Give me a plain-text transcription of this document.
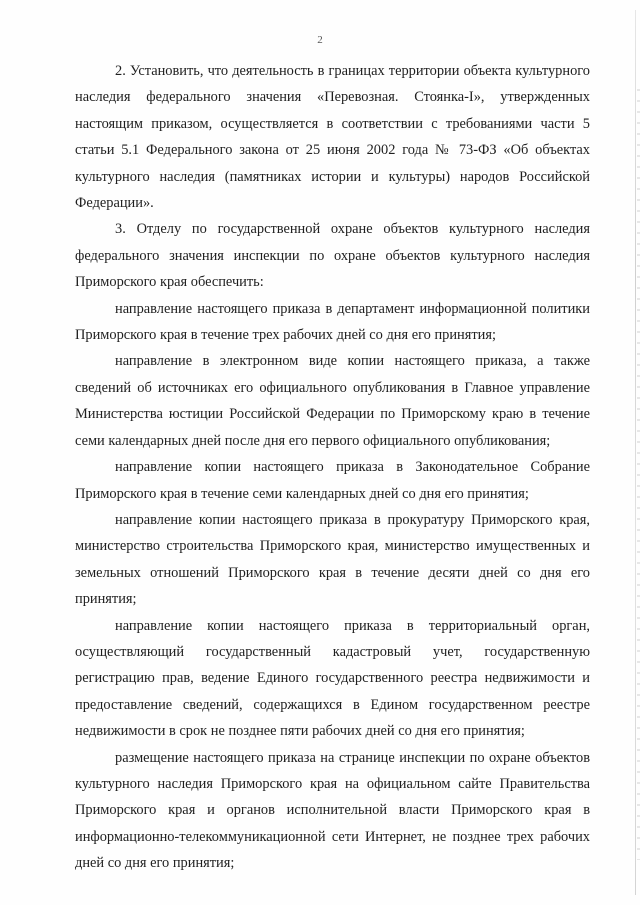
2

2. Установить, что деятельность в границах территории объекта культурного наследия федерального значения «Перевозная. Стоянка-I», утвержденных настоящим приказом, осуществляется в соответствии с требованиями части 5 статьи 5.1 Федерального закона от 25 июня 2002 года № 73-ФЗ «Об объектах культурного наследия (памятниках истории и культуры) народов Российской Федерации».

3. Отделу по государственной охране объектов культурного наследия федерального значения инспекции по охране объектов культурного наследия Приморского края обеспечить:

направление настоящего приказа в департамент информационной политики Приморского края в течение трех рабочих дней со дня его принятия;

направление в электронном виде копии настоящего приказа, а также сведений об источниках его официального опубликования в Главное управление Министерства юстиции Российской Федерации по Приморскому краю в течение семи календарных дней после дня его первого официального опубликования;

направление копии настоящего приказа в Законодательное Собрание Приморского края в течение семи календарных дней со дня его принятия;

направление копии настоящего приказа в прокуратуру Приморского края, министерство строительства Приморского края, министерство имущественных и земельных отношений Приморского края в течение десяти дней со дня его принятия;

направление копии настоящего приказа в территориальный орган, осуществляющий государственный кадастровый учет, государственную регистрацию прав, ведение Единого государственного реестра недвижимости и предоставление сведений, содержащихся в Едином государственном реестре недвижимости в срок не позднее пяти рабочих дней со дня его принятия;

размещение настоящего приказа на странице инспекции по охране объектов культурного наследия Приморского края на официальном сайте Правительства Приморского края и органов исполнительной власти Приморского края в информационно-телекоммуникационной сети Интернет, не позднее трех рабочих дней со дня его принятия;
